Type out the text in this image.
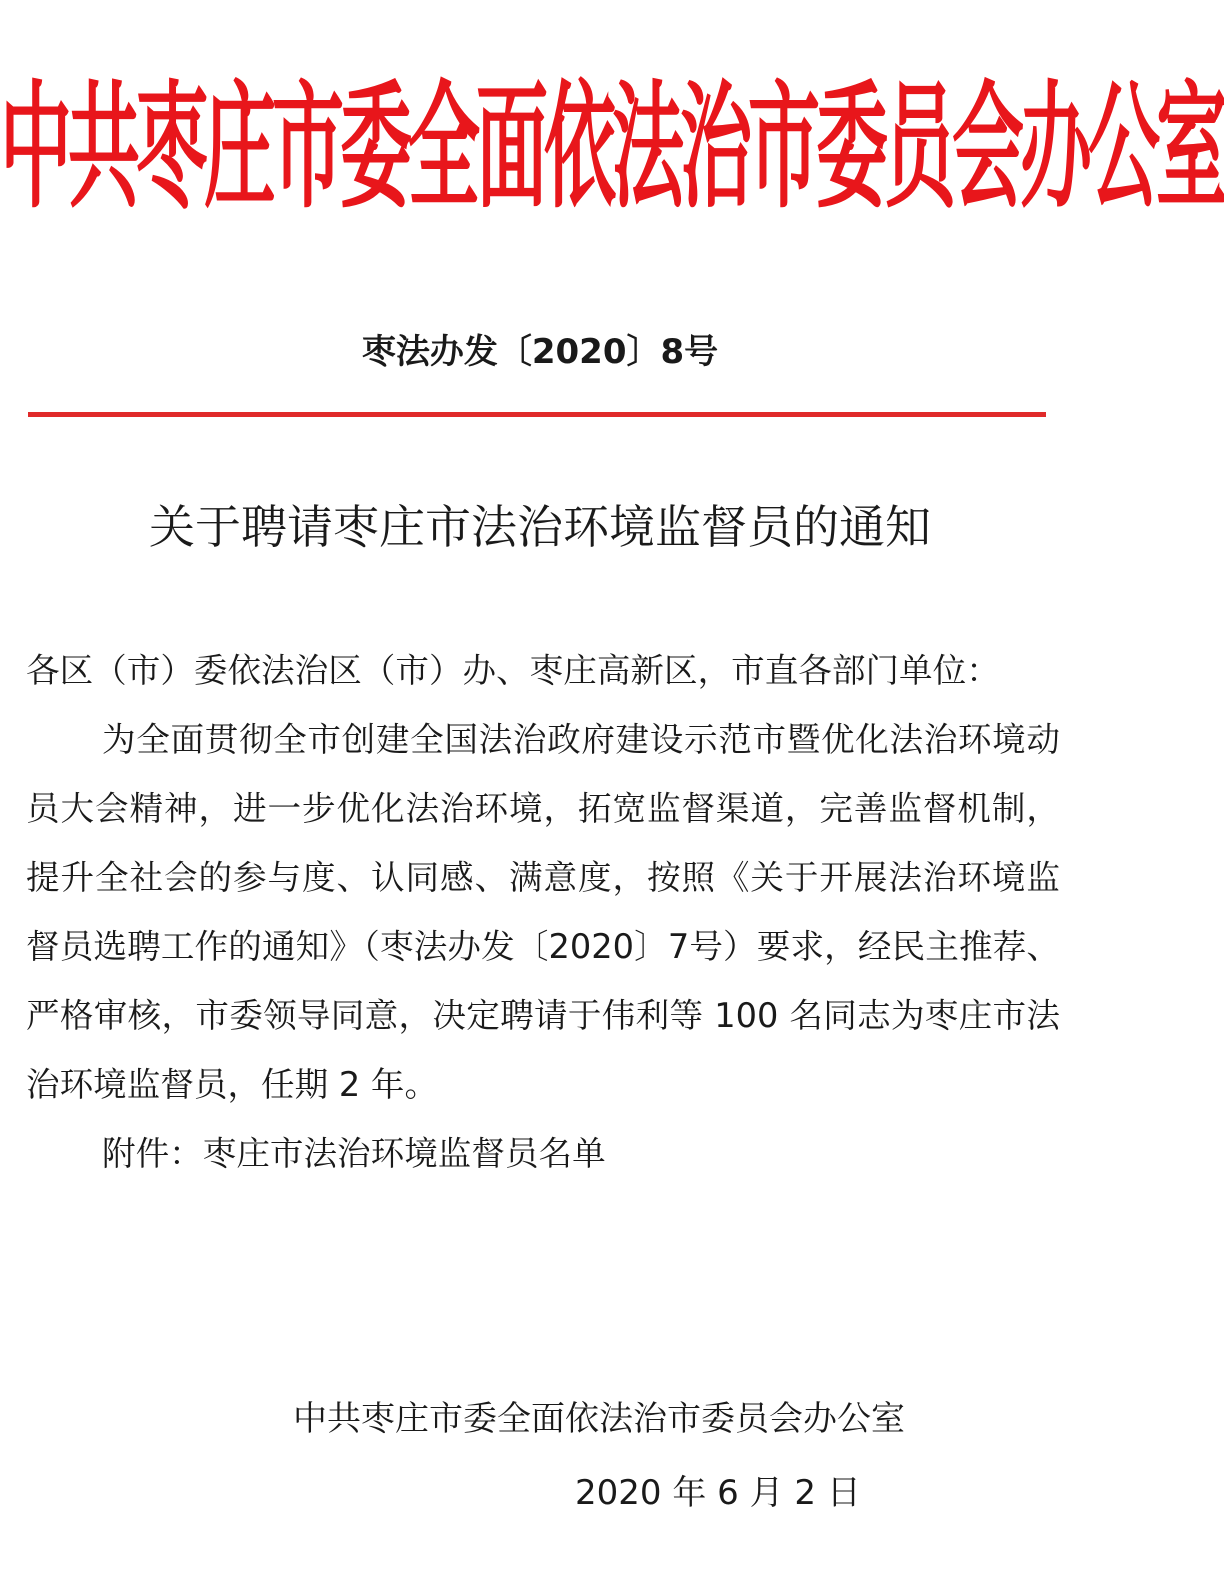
中共枣庄市委全面依法治市委员会办公室
枣法办发〔2020〕8号
关于聘请枣庄市法治环境监督员的通知

各区（市）委依法治区（市）办、枣庄高新区，市直各部门单位：

为全面贯彻全市创建全国法治政府建设示范市暨优化法治环境动员大会精神，进一步优化法治环境，拓宽监督渠道，完善监督机制，提升全社会的参与度、认同感、满意度，按照《关于开展法治环境监督员选聘工作的通知》（枣法办发〔2020〕7号）要求，经民主推荐、严格审核，市委领导同意，决定聘请于伟利等 100 名同志为枣庄市法治环境监督员，任期 2 年。

附件：枣庄市法治环境监督员名单

中共枣庄市委全面依法治市委员会办公室
2020 年 6 月 2 日
